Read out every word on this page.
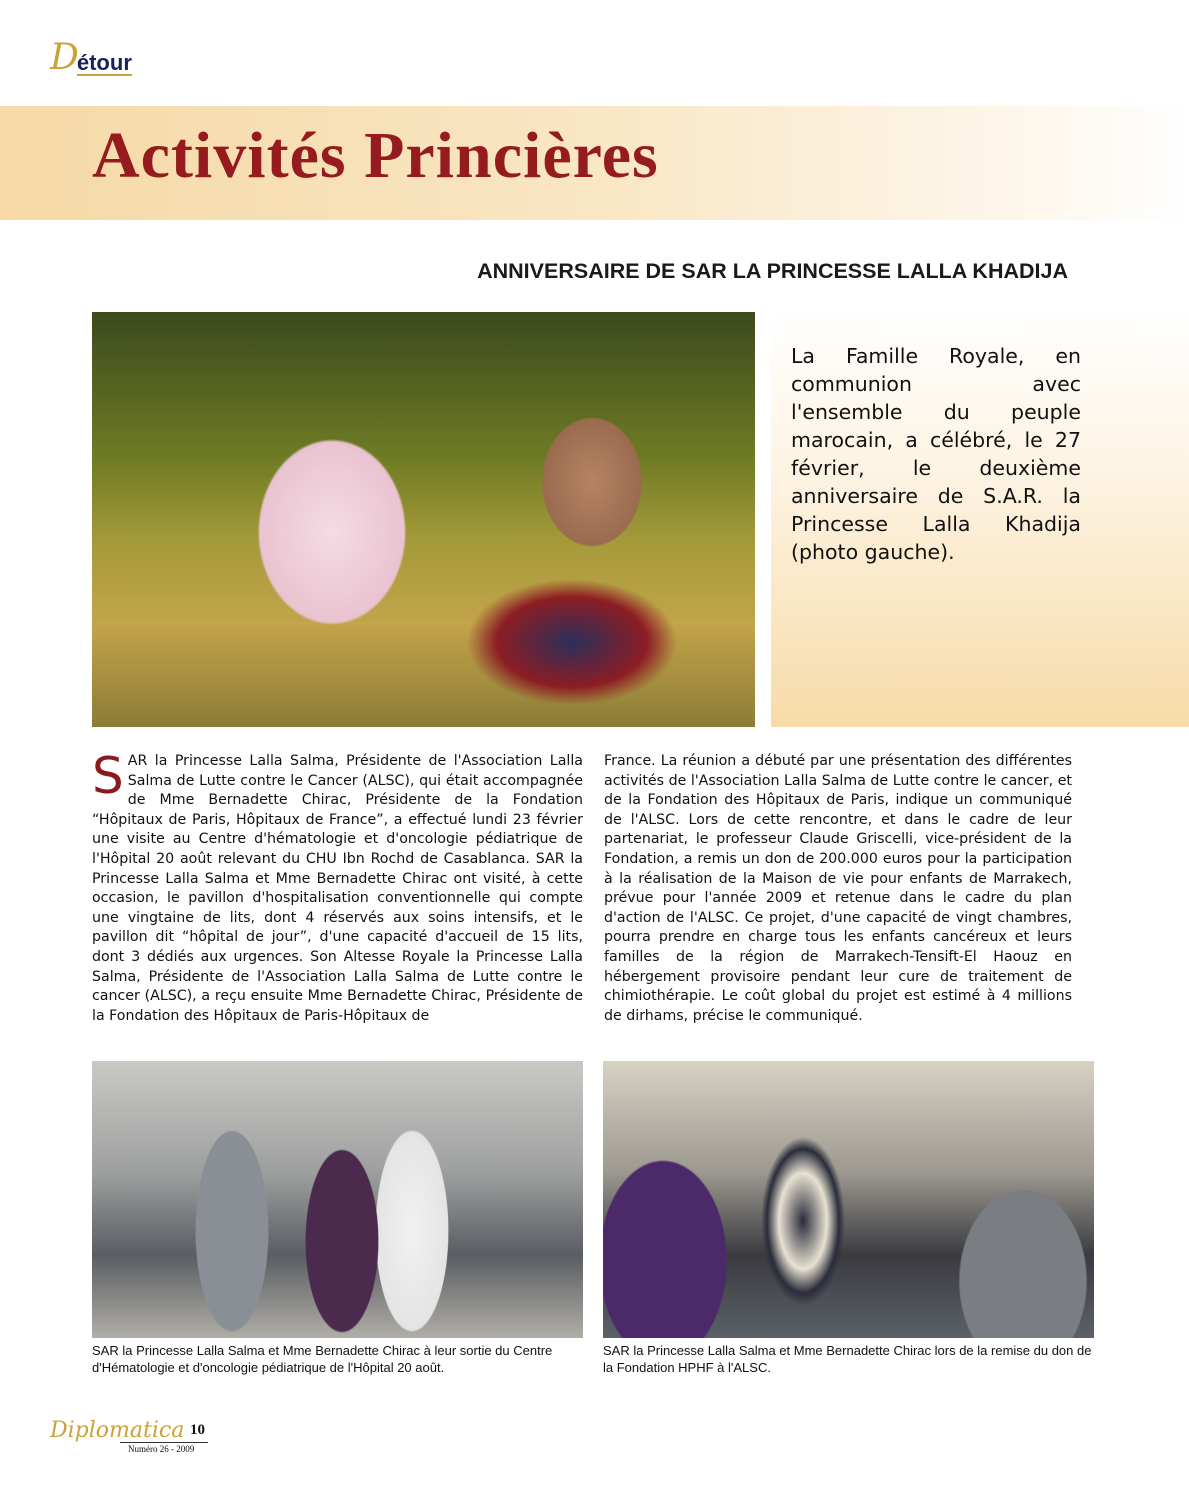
D
étour
Activités Princières
ANNIVERSAIRE DE SAR LA PRINCESSE LALLA KHADIJA

La Famille Royale, en communion avec l'ensemble du peuple marocain, a célébré, le 27 février, le deuxième anniversaire de S.A.R. la Princesse Lalla Khadija (photo gauche).

SAR la Princesse Lalla Salma, Présidente de l'Association Lalla Salma de Lutte contre le Cancer (ALSC), qui était accompagnée de Mme Bernadette Chirac, Présidente de la Fondation “Hôpitaux de Paris, Hôpitaux de France”, a effectué lundi 23 février une visite au Centre d'hématologie et d'oncologie pédiatrique de l'Hôpital 20 août relevant du CHU Ibn Rochd de Casablanca. SAR la Princesse Lalla Salma et Mme Bernadette Chirac ont visité, à cette occasion, le pavillon d'hospitalisation conventionnelle qui compte une vingtaine de lits, dont 4 réservés aux soins intensifs, et le pavillon dit “hôpital de jour”, d'une capacité d'accueil de 15 lits, dont 3 dédiés aux urgences. Son Altesse Royale la Princesse Lalla Salma, Présidente de l'Association Lalla Salma de Lutte contre le cancer (ALSC), a reçu ensuite Mme Bernadette Chirac, Présidente de la Fondation des Hôpitaux de Paris-Hôpitaux de
France. La réunion a débuté par une présentation des différentes activités de l'Association Lalla Salma de Lutte contre le cancer, et de la Fondation des Hôpitaux de Paris, indique un communiqué de l'ALSC. Lors de cette rencontre, et dans le cadre de leur partenariat, le professeur Claude Griscelli, vice-président de la Fondation, a remis un don de 200.000 euros pour la participation à la réalisation de la Maison de vie pour enfants de Marrakech, prévue pour l'année 2009 et retenue dans le cadre du plan d'action de l'ALSC. Ce projet, d'une capacité de vingt chambres, pourra prendre en charge tous les enfants cancéreux et leurs familles de la région de Marrakech-Tensift-El Haouz en hébergement provisoire pendant leur cure de traitement de chimiothérapie. Le coût global du projet est estimé à 4 millions de dirhams, précise le communiqué.

SAR la Princesse Lalla Salma et Mme Bernadette Chirac à leur sortie du Centre d'Hématologie et d'oncologie pédiatrique de l'Hôpital 20 août.

SAR la Princesse Lalla Salma et Mme Bernadette Chirac lors de la remise du don de la Fondation HPHF à l'ALSC.

Diplomatica 10
Numéro 26 - 2009
